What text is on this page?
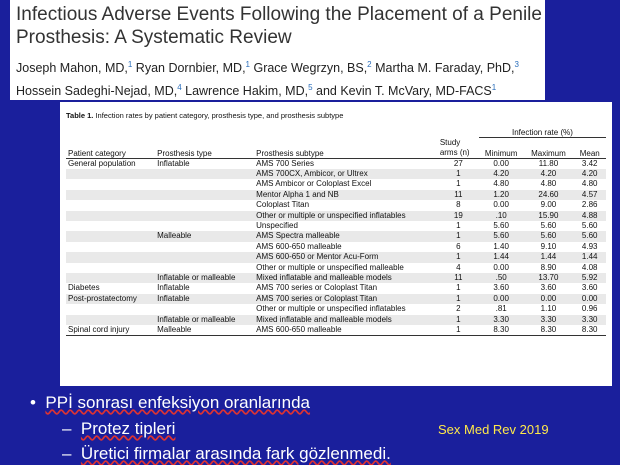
Infectious Adverse Events Following the Placement of a Penile Prosthesis: A Systematic Review
Joseph Mahon, MD,$^1$ Ryan Dornbier, MD,$^1$ Grace Wegrzyn, BS,$^2$ Martha M. Faraday, PhD,$^3$
Hossein Sadeghi-Nejad, MD,$^4$ Lawrence Hakim, MD,$^5$ and Kevin T. McVary, MD-FACS$^1$
Table 1. Infection rates by patient category, prosthesis type, and prosthesis subtype
				Infection rate (%)		
Patient category	Prosthesis type	Prosthesis subtype	Study arms (n)	Minimum	Maximum	Mean
General population	Inflatable	AMS 700 Series	27	0.00	11.80	3.42
		AMS 700CX, Ambicor, or Ultrex	1	4.20	4.20	4.20
		AMS Ambicor or Coloplast Excel	1	4.80	4.80	4.80
		Mentor Alpha 1 and NB	11	1.20	24.60	4.57
		Coloplast Titan	8	0.00	9.00	2.86
		Other or multiple or unspecified inflatables	19	.10	15.90	4.88
		Unspecified	1	5.60	5.60	5.60
	Malleable	AMS Spectra malleable	1	5.60	5.60	5.60
		AMS 600-650 malleable	6	1.40	9.10	4.93
		AMS 600-650 or Mentor Acu-Form	1	1.44	1.44	1.44
		Other or multiple or unspecified malleable	4	0.00	8.90	4.08
	Inflatable or malleable	Mixed inflatable and malleable models	11	.50	13.70	5.92
Diabetes	Inflatable	AMS 700 series or Coloplast Titan	1	3.60	3.60	3.60
Post-prostatectomy	Inflatable	AMS 700 series or Coloplast Titan	1	0.00	0.00	0.00
		Other or multiple or unspecified inflatables	2	.81	1.10	0.96
	Inflatable or malleable	Mixed inflatable and malleable models	1	3.30	3.30	3.30
Spinal cord injury	Malleable	AMS 600-650 malleable	1	8.30	8.30	8.30
• PPİ sonrası enfeksiyon oranlarında
– Protez tipleri
– Üretici firmalar arasında fark gözlenmedi.
Sex Med Rev 2019
